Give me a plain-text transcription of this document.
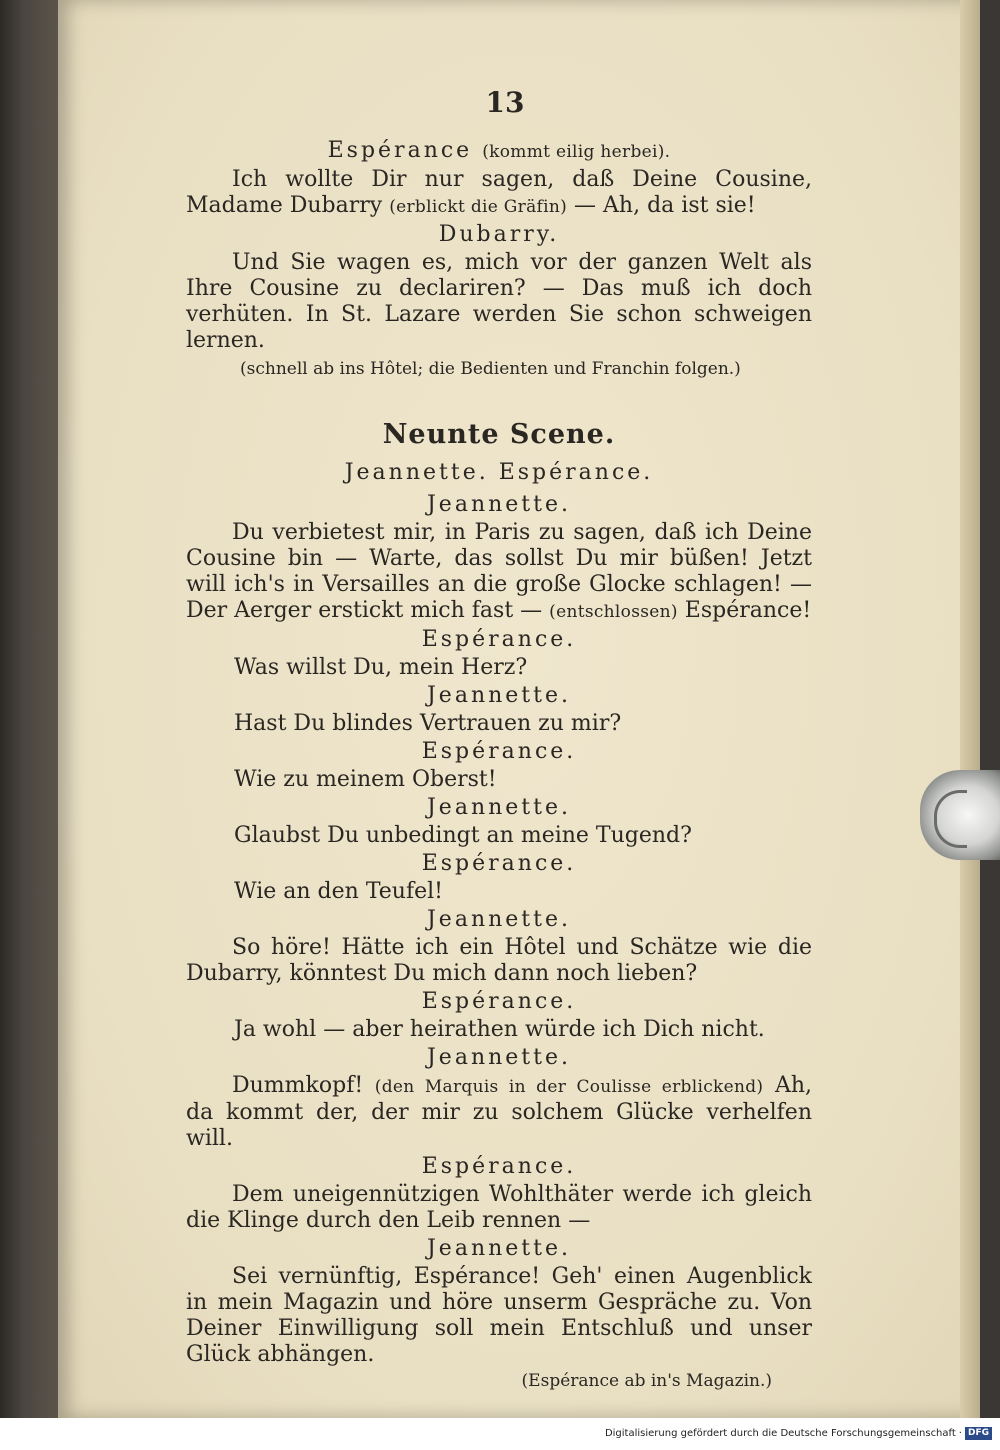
13
Espérance (kommt eilig herbei).

Ich wollte Dir nur sagen, daß Deine Cousine, Madame Dubarry (erblickt die Gräfin) — Ah, da ist sie!

Dubarry.

Und Sie wagen es, mich vor der ganzen Welt als Ihre Cousine zu declariren? — Das muß ich doch verhüten. In St. Lazare werden Sie schon schweigen lernen.

(schnell ab ins Hôtel; die Bedienten und Franchin folgen.)

Neunte Scene.
Jeannette. Espérance.
Jeannette.

Du verbietest mir, in Paris zu sagen, daß ich Deine Cousine bin — Warte, das sollst Du mir büßen! Jetzt will ich's in Versailles an die große Glocke schlagen! — Der Aerger erstickt mich fast — (entschlossen) Espérance!

Espérance.

Was willst Du, mein Herz?

Jeannette.

Hast Du blindes Vertrauen zu mir?

Espérance.

Wie zu meinem Oberst!

Jeannette.

Glaubst Du unbedingt an meine Tugend?

Espérance.

Wie an den Teufel!

Jeannette.

So höre! Hätte ich ein Hôtel und Schätze wie die Dubarry, könntest Du mich dann noch lieben?

Espérance.

Ja wohl — aber heirathen würde ich Dich nicht.

Jeannette.

Dummkopf! (den Marquis in der Coulisse erblickend) Ah, da kommt der, der mir zu solchem Glücke verhelfen will.

Espérance.

Dem uneigennützigen Wohlthäter werde ich gleich die Klinge durch den Leib rennen —

Jeannette.

Sei vernünftig, Espérance! Geh' einen Augenblick in mein Magazin und höre unserm Gespräche zu. Von Deiner Einwilligung soll mein Entschluß und unser Glück abhängen.

(Espérance ab in's Magazin.)

Digitalisierung gefördert durch die Deutsche Forschungsgemeinschaft · DFG
